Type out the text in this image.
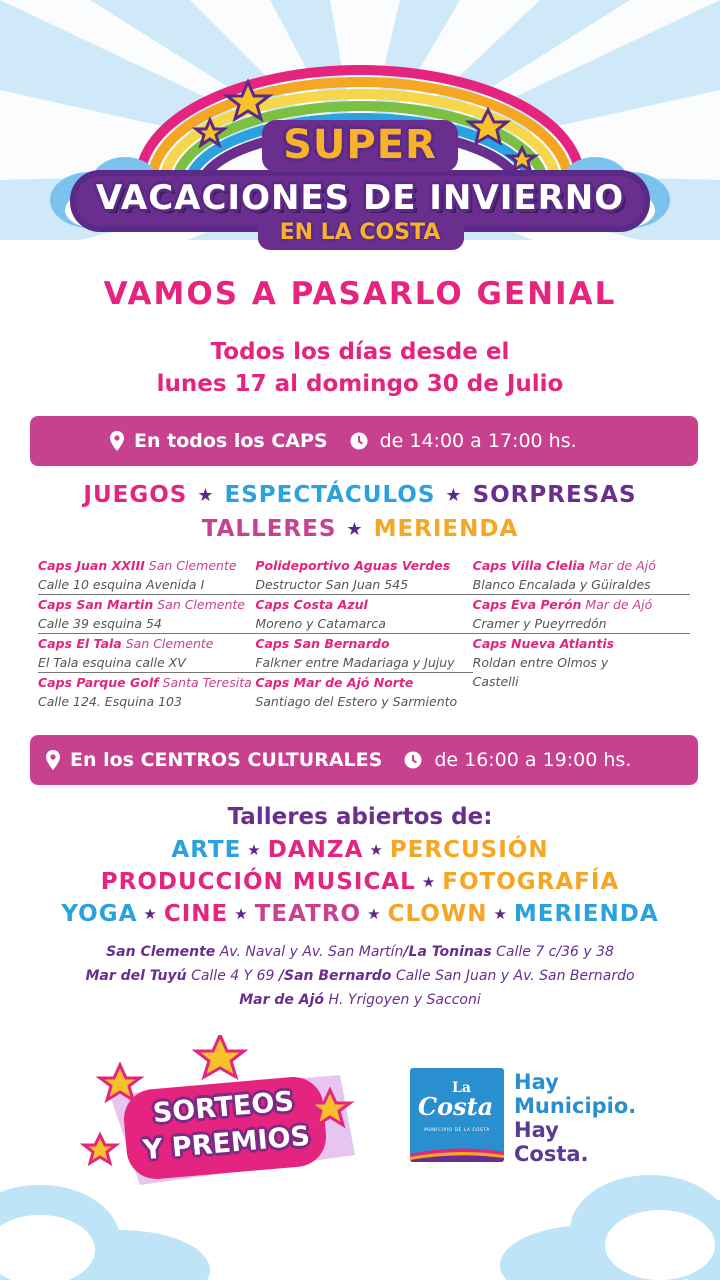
SUPER
VACACIONES DE INVIERNO
EN LA COSTA
VAMOS A PASARLO GENIAL
Todos los días desde el
lunes 17 al domingo 30 de Julio
En todos los CAPS	de 14:00 a 17:00 hs.
JUEGOS ★ ESPECTÁCULOS ★ SORPRESAS
TALLERES ★ MERIENDA
Caps Juan XXIII San Clemente
Calle 10 esquina Avenida I
Caps San Martin San Clemente
Calle 39 esquina 54
Caps El Tala San Clemente
El Tala esquina calle XV
Caps Parque Golf Santa Teresita
Calle 124. Esquina 103
Polideportivo Aguas Verdes
Destructor San Juan 545
Caps Costa Azul
Moreno y Catamarca
Caps San Bernardo
Falkner entre Madariaga y Jujuy
Caps Mar de Ajó Norte
Santiago del Estero y Sarmiento
Caps Villa Clelia Mar de Ajó
Blanco Encalada y Güiraldes
Caps Eva Perón Mar de Ajó
Cramer y Pueyrredón
Caps Nueva Atlantis
Roldan entre Olmos y Castelli
En los CENTROS CULTURALES	de 16:00 a 19:00 hs.
Talleres abiertos de:
ARTE ★ DANZA ★ PERCUSIÓN
PRODUCCIÓN MUSICAL ★ FOTOGRAFÍA
YOGA ★ CINE ★ TEATRO ★ CLOWN ★ MERIENDA
San Clemente Av. Naval y Av. San Martín/La Toninas Calle 7 c/36 y 38
Mar del Tuyú Calle 4 Y 69 /San Bernardo Calle San Juan y Av. San Bernardo
Mar de Ajó H. Yrigoyen y Sacconi
SORTEOS
Y PREMIOS
La
Costa
MUNICIPIO DE LA COSTA
Hay
Municipio.
Hay
Costa.
